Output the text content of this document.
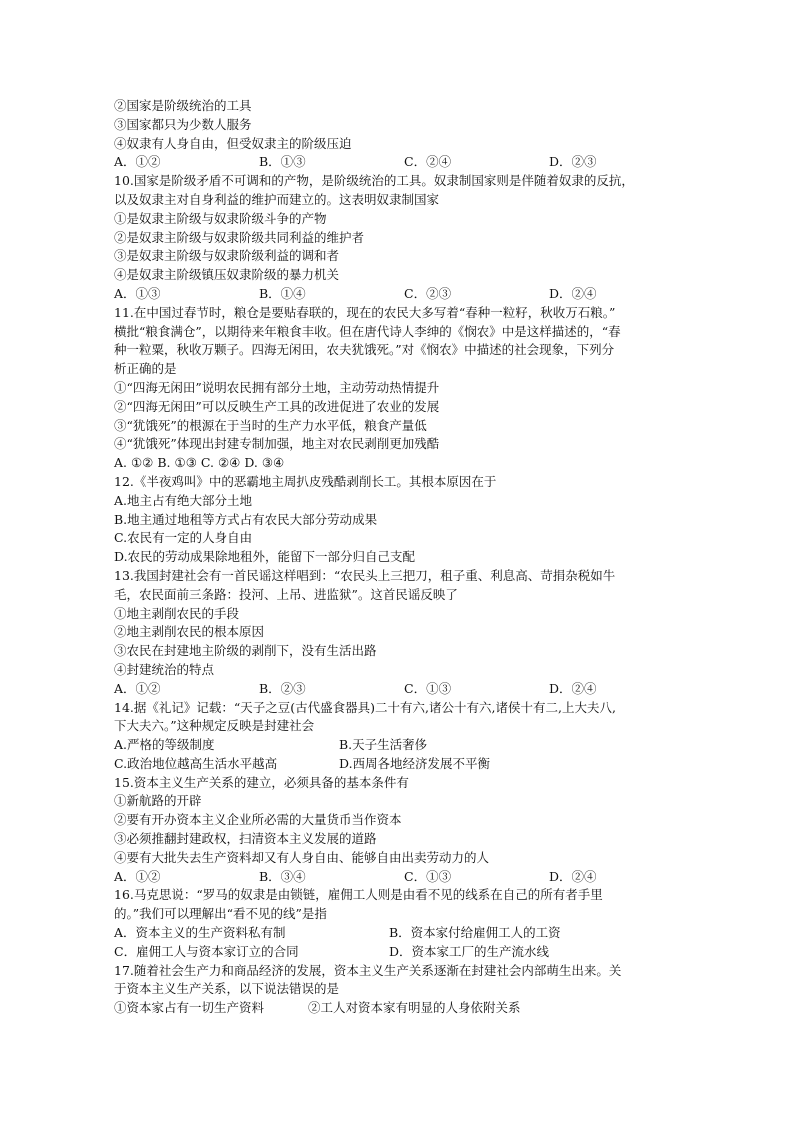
②国家是阶级统治的工具
③国家都只为少数人服务
④奴隶有人身自由，但受奴隶主的阶级压迫
A．①②	B．①③	C．②④	D．②③
10.国家是阶级矛盾不可调和的产物，是阶级统治的工具。奴隶制国家则是伴随着奴隶的反抗，
以及奴隶主对自身利益的维护而建立的。这表明奴隶制国家
①是奴隶主阶级与奴隶阶级斗争的产物
②是奴隶主阶级与奴隶阶级共同利益的维护者
③是奴隶主阶级与奴隶阶级利益的调和者
④是奴隶主阶级镇压奴隶阶级的暴力机关
A．①③	B．①④	C．②③	D．②④
11.在中国过春节时，粮仓是要贴春联的，现在的农民大多写着“春种一粒籽，秋收万石粮。”
横批“粮食满仓”，以期待来年粮食丰收。但在唐代诗人李绅的《悯农》中是这样描述的，“春
种一粒粟，秋收万颗子。四海无闲田，农夫犹饿死。”对《悯农》中描述的社会现象，下列分
析正确的是
①“四海无闲田”说明农民拥有部分土地，主动劳动热情提升
②“四海无闲田”可以反映生产工具的改进促进了农业的发展
③“犹饿死”的根源在于当时的生产力水平低，粮食产量低
④“犹饿死”体现出封建专制加强，地主对农民剥削更加残酷
A. ①② B. ①③ C. ②④ D. ③④
12.《半夜鸡叫》中的恶霸地主周扒皮残酷剥削长工。其根本原因在于
A.地主占有绝大部分土地
B.地主通过地租等方式占有农民大部分劳动成果
C.农民有一定的人身自由
D.农民的劳动成果除地租外，能留下一部分归自己支配
13.我国封建社会有一首民谣这样唱到：“农民头上三把刀，租子重、利息高、苛捐杂税如牛
毛，农民面前三条路：投河、上吊、进监狱”。这首民谣反映了
①地主剥削农民的手段
②地主剥削农民的根本原因
③农民在封建地主阶级的剥削下，没有生活出路
④封建统治的特点
A．①②	B．②③	C．①③	D．②④
14.据《礼记》记载：“天子之豆(古代盛食器具)二十有六,诸公十有六,诸侯十有二,上大夫八,
下大夫六。”这种规定反映是封建社会
A.严格的等级制度	B.天子生活奢侈
C.政治地位越高生活水平越高	D.西周各地经济发展不平衡
15.资本主义生产关系的建立，必须具备的基本条件有
①新航路的开辟
②要有开办资本主义企业所必需的大量货币当作资本
③必须推翻封建政权，扫清资本主义发展的道路
④要有大批失去生产资料却又有人身自由、能够自由出卖劳动力的人
A．①②	B．③④	C．①③	D．②④
16.马克思说：“罗马的奴隶是由锁链，雇佣工人则是由看不见的线系在自己的所有者手里
的。”我们可以理解出“看不见的线”是指
A．资本主义的生产资料私有制	B．资本家付给雇佣工人的工资
C．雇佣工人与资本家订立的合同	D．资本家工厂的生产流水线
17.随着社会生产力和商品经济的发展，资本主义生产关系逐渐在封建社会内部萌生出来。关
于资本主义生产关系，以下说法错误的是
①资本家占有一切生产资料	②工人对资本家有明显的人身依附关系
